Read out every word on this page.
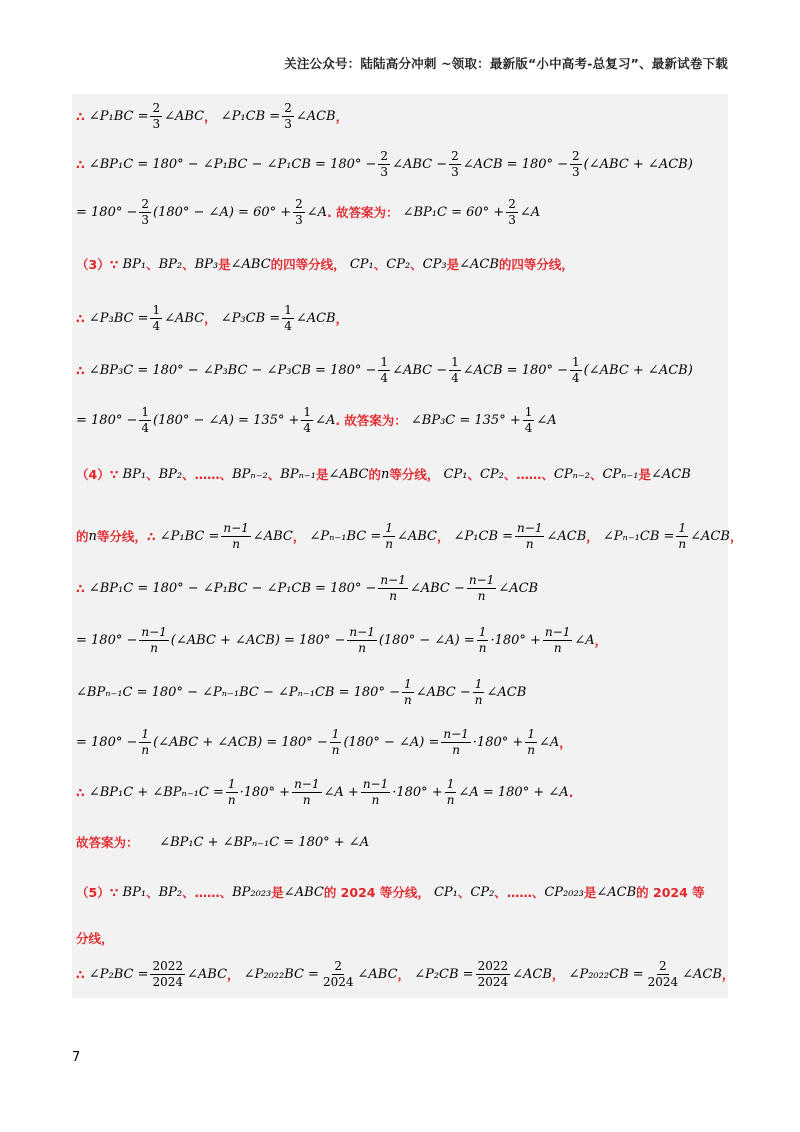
关注公众号：陆陆高分冲刺 ~领取：最新版“小中高考-总复习”、最新试卷下载
∴
∠P₁BC = $\frac{2}{3}$ ∠ABC ，
∠P₁CB = $\frac{2}{3}$ ∠ACB ，
∴
∠BP₁C = 180° − ∠P₁BC − ∠P₁CB = $180^\circ - \frac{2}{3}$ ∠ABC − $\frac{2}{3}$ ∠ACB = $180^\circ - \frac{2}{3}$ (∠ABC + ∠ACB)
= $180^\circ - \frac{2}{3} (180^\circ$ − ∠A) = $60^\circ + \frac{2}{3}$ ∠A .
故答案为：
∠BP₁C = $60^\circ + \frac{2}{3}$ ∠A
（3）∵
BP₁ 、 BP₂ 、 BP₃ 是 ∠ABC 的四等分线，
CP₁ 、 CP₂ 、 CP₃ 是 ∠ACB 的四等分线，
∴
∠P₃BC = $\frac{1}{4}$ ∠ABC ，
∠P₃CB = $\frac{1}{4}$ ∠ACB ，
∴
∠BP₃C = 180° − ∠P₃BC − ∠P₃CB = $180^\circ - \frac{1}{4}$ ∠ABC − $\frac{1}{4}$ ∠ACB = $180^\circ - \frac{1}{4}$ (∠ABC + ∠ACB)
= $180^\circ - \frac{1}{4} (180^\circ$ − ∠A) = $135^\circ + \frac{1}{4}$ ∠A .
故答案为：
∠BP₃C = $135^\circ + \frac{1}{4}$ ∠A
（4）∵
BP₁ 、 BP₂ 、 …… 、 BPₙ₋₂ 、 BPₙ₋₁ 是 ∠ABC 的 n 等分线，
CP₁ 、 CP₂ 、 …… 、 CPₙ₋₂ 、 CPₙ₋₁ 是 ∠ACB
的 n 等分线， ∴
∠P₁BC = $\frac{n-1}{n}$ ∠ABC ，
∠Pₙ₋₁BC = $\frac{1}{n}$ ∠ABC ，
∠P₁CB = $\frac{n-1}{n}$ ∠ACB ，
∠Pₙ₋₁CB = $\frac{1}{n}$ ∠ACB ，
∴
∠BP₁C = 180° − ∠P₁BC − ∠P₁CB = $180^\circ - \frac{n-1}{n}$ ∠ABC − $\frac{n-1}{n}$ ∠ACB
= $180^\circ - \frac{n-1}{n}$ (∠ABC + ∠ACB) = $180^\circ - \frac{n-1}{n} (180^\circ$ − ∠A) = $\frac{1}{n} \cdot 180^\circ + \frac{n-1}{n}$ ∠A ，
∠BPₙ₋₁C = 180° − ∠Pₙ₋₁BC − ∠Pₙ₋₁CB = $180^\circ - \frac{1}{n}$ ∠ABC − $\frac{1}{n}$ ∠ACB
= $180^\circ - \frac{1}{n}$ (∠ABC + ∠ACB) = $180^\circ - \frac{1}{n} (180^\circ$ − ∠A) = $\frac{n-1}{n} \cdot 180^\circ + \frac{1}{n}$ ∠A ，
∴
∠BP₁C + ∠BPₙ₋₁C = $\frac{1}{n} \cdot 180^\circ + \frac{n-1}{n}$ ∠A + $\frac{n-1}{n} \cdot 180^\circ + \frac{1}{n}$ ∠A = 180° + ∠A .
故答案为：
∠BP₁C + ∠BPₙ₋₁C = 180° + ∠A
（5）∵
BP₁ 、 BP₂ 、 …… 、 BP₂₀₂₃ 是 ∠ABC 的 2024 等分线，
CP₁ 、 CP₂ 、 …… 、 CP₂₀₂₃ 是 ∠ACB 的 2024 等
分线，
∴
∠P₂BC = $\frac{2022}{2024}$ ∠ABC ，
∠P₂₀₂₂BC = $\frac{2}{2024}$ ∠ABC ，
∠P₂CB = $\frac{2022}{2024}$ ∠ACB ，
∠P₂₀₂₂CB = $\frac{2}{2024}$ ∠ACB ，
7
